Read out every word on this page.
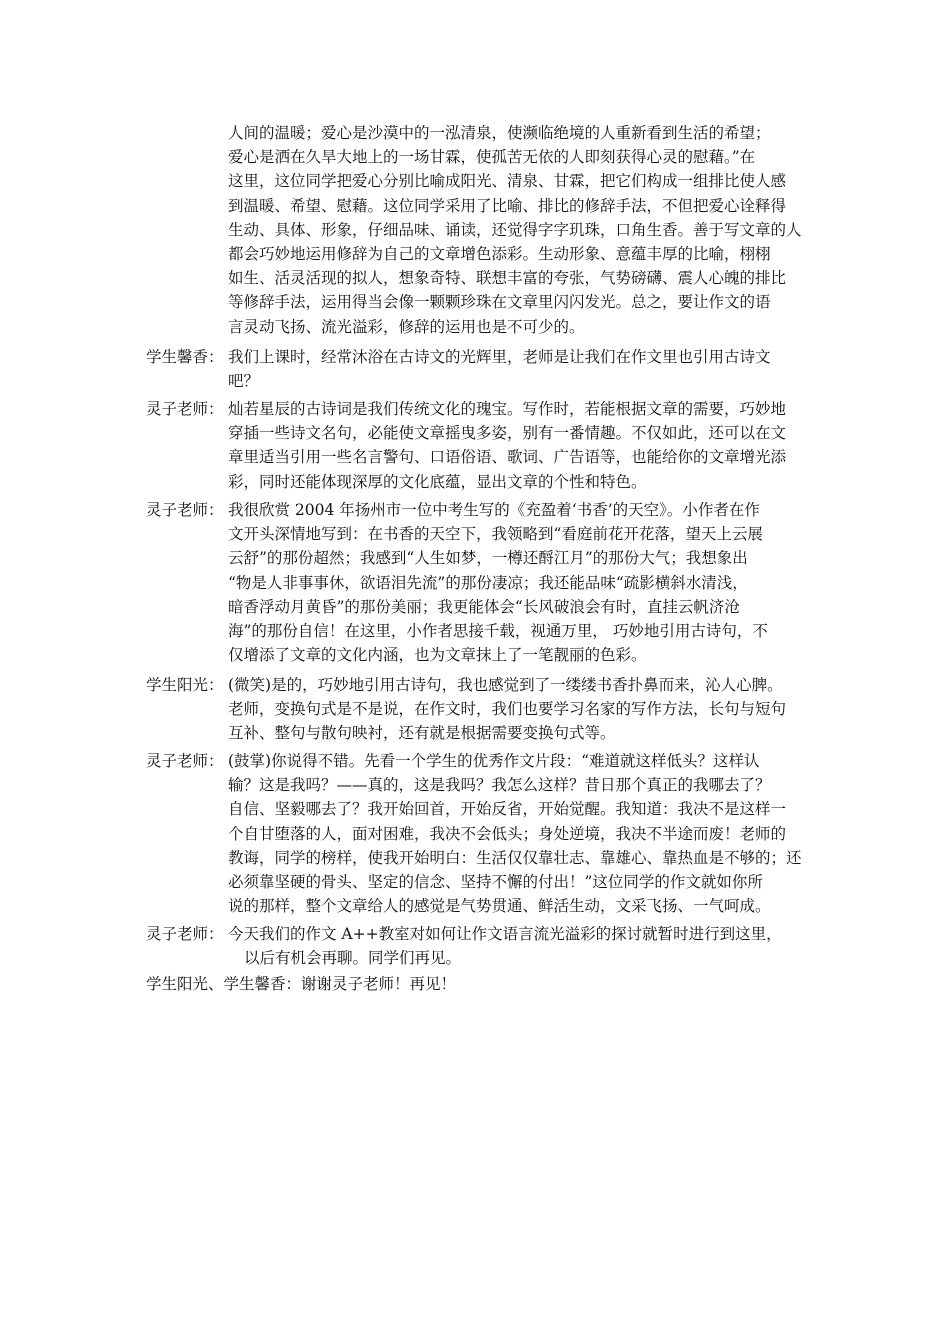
人间的温暖；爱心是沙漠中的一泓清泉，使濒临绝境的人重新看到生活的希望；
爱心是洒在久旱大地上的一场甘霖，使孤苦无依的人即刻获得心灵的慰藉。”在
这里，这位同学把爱心分别比喻成阳光、清泉、甘霖，把它们构成一组排比使人感
到温暖、希望、慰藉。这位同学采用了比喻、排比的修辞手法，不但把爱心诠释得
生动、具体、形象，仔细品味、诵读，还觉得字字玑珠，口角生香。善于写文章的人
都会巧妙地运用修辞为自己的文章增色添彩。生动形象、意蕴丰厚的比喻，栩栩
如生、活灵活现的拟人，想象奇特、联想丰富的夸张，气势磅礴、震人心魄的排比
等修辞手法，运用得当会像一颗颗珍珠在文章里闪闪发光。总之，要让作文的语
言灵动飞扬、流光溢彩，修辞的运用也是不可少的。
学生馨香： 我们上课时，经常沐浴在古诗文的光辉里，老师是让我们在作文里也引用古诗文
吧？
灵子老师： 灿若星辰的古诗词是我们传统文化的瑰宝。写作时，若能根据文章的需要，巧妙地
穿插一些诗文名句，必能使文章摇曳多姿，别有一番情趣。不仅如此，还可以在文
章里适当引用一些名言警句、口语俗语、歌词、广告语等，也能给你的文章增光添
彩，同时还能体现深厚的文化底蕴，显出文章的个性和特色。
灵子老师： 我很欣赏 2004 年扬州市一位中考生写的《充盈着‘书香’的天空》。小作者在作
文开头深情地写到：在书香的天空下，我领略到“看庭前花开花落，望天上云展
云舒”的那份超然；我感到“人生如梦，一樽还酹江月”的那份大气；我想象出
“物是人非事事休，欲语泪先流”的那份凄凉；我还能品味“疏影横斜水清浅，
暗香浮动月黄昏”的那份美丽；我更能体会“长风破浪会有时，直挂云帆济沧
海”的那份自信！在这里，小作者思接千载，视通万里， 巧妙地引用古诗句，不
仅增添了文章的文化内涵，也为文章抹上了一笔靓丽的色彩。
学生阳光： (微笑)是的，巧妙地引用古诗句，我也感觉到了一缕缕书香扑鼻而来，沁人心脾。
老师，变换句式是不是说，在作文时，我们也要学习名家的写作方法，长句与短句
互补、整句与散句映衬，还有就是根据需要变换句式等。
灵子老师： (鼓掌)你说得不错。先看一个学生的优秀作文片段：“难道就这样低头？这样认
输？这是我吗？——真的，这是我吗？我怎么这样？昔日那个真正的我哪去了？
自信、坚毅哪去了？我开始回首，开始反省，开始觉醒。我知道：我决不是这样一
个自甘堕落的人，面对困难，我决不会低头；身处逆境，我决不半途而废！老师的
教诲，同学的榜样，使我开始明白：生活仅仅靠壮志、靠雄心、靠热血是不够的；还
必须靠坚硬的骨头、坚定的信念、坚持不懈的付出！”这位同学的作文就如你所
说的那样，整个文章给人的感觉是气势贯通、鲜活生动，文采飞扬、一气呵成。
灵子老师： 今天我们的作文 A++教室对如何让作文语言流光溢彩的探讨就暂时进行到这里，
以后有机会再聊。同学们再见。
学生阳光、学生馨香： 谢谢灵子老师！再见！
